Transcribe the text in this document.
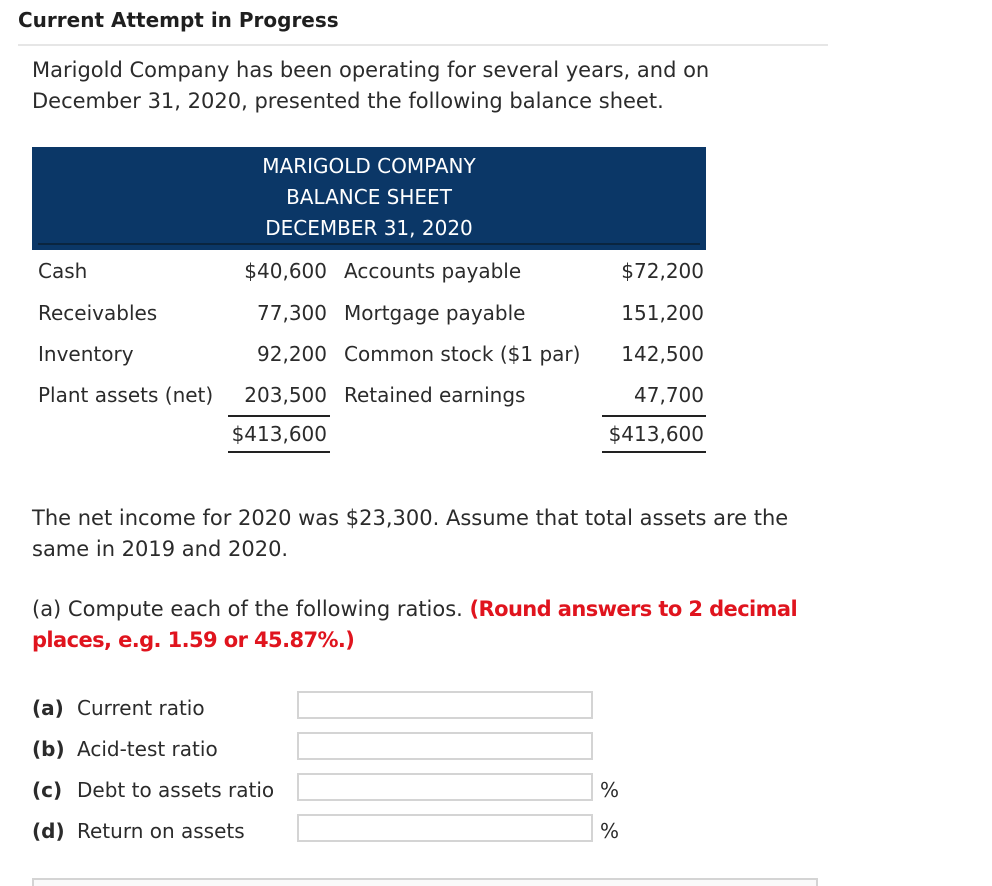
Current Attempt in Progress
Marigold Company has been operating for several years, and on December 31, 2020, presented the following balance sheet.
MARIGOLD COMPANY
BALANCE SHEET
DECEMBER 31, 2020
Cash	$40,600 Accounts payable	$72,200
Receivables	77,300 Mortgage payable	151,200
Inventory	92,200 Common stock ($1 par) 142,500
Plant assets (net) 203,500 Retained earnings	47,700
$413,600	$413,600
The net income for 2020 was $23,300. Assume that total assets are the same in 2019 and 2020.
(a) Compute each of the following ratios. (Round answers to 2 decimal places, e.g. 1.59 or 45.87%.)
(a) Current ratio
(b) Acid-test ratio
(c) Debt to assets ratio	%
(d) Return on assets	%
